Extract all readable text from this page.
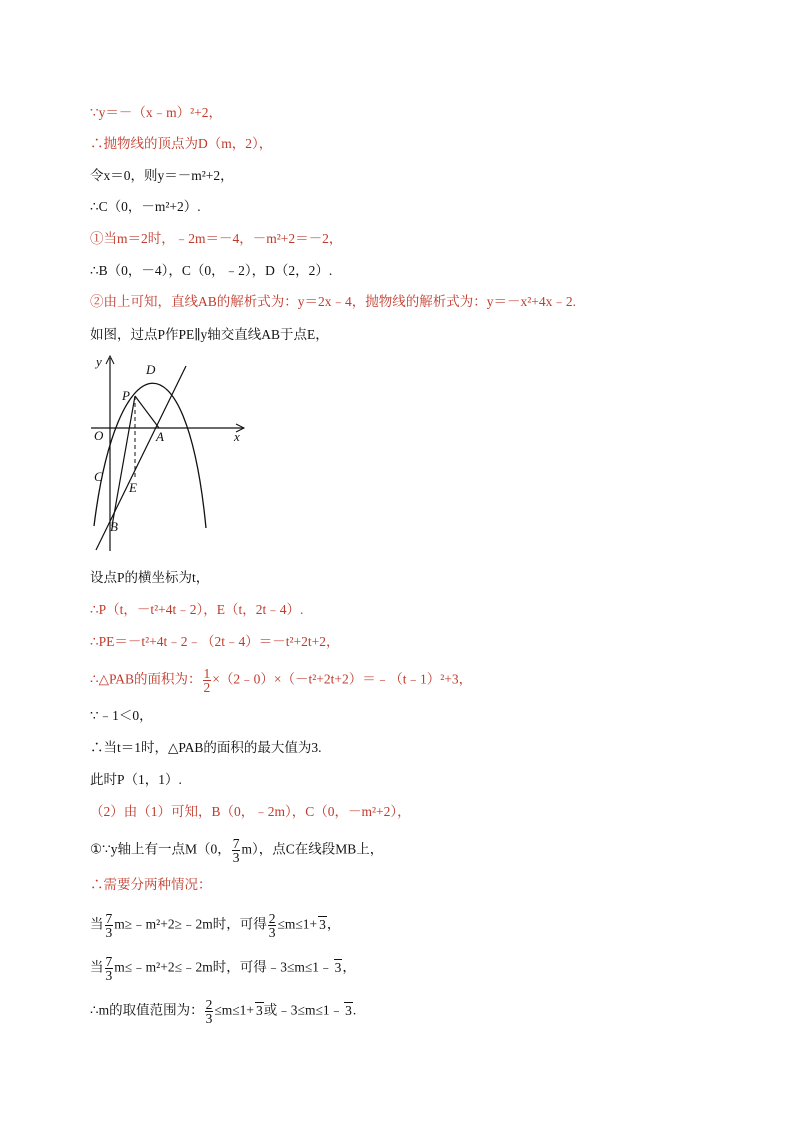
∵y＝－（x﹣m）²+2，
∴抛物线的顶点为D（m，2），
令x＝0，则y＝－m²+2，
∴C（0，－m²+2）.
①当m＝2时，﹣2m＝－4，－m²+2＝－2，
∴B（0，－4），C（0，﹣2），D（2，2）.
②由上可知，直线AB的解析式为：y＝2x﹣4，抛物线的解析式为：y＝－x²+4x﹣2.
如图，过点P作PE∥y轴交直线AB于点E，
y
x
O
D
P
A
C
E
B
设点P的横坐标为t，
∴P（t，－t²+4t﹣2），E（t，2t﹣4）.
∴PE＝－t²+4t﹣2﹣（2t﹣4）＝－t²+2t+2，
∴△PAB的面积为： $\frac{1}{2}$ ×（2﹣0）×（－t²+2t+2）＝﹣（t﹣1）²+3，
∵﹣1＜0，
∴当t＝1时，△PAB的面积的最大值为3.
此时P（1，1）.
（2）由（1）可知，B（0，﹣2m），C（0，－m²+2），
①∵y轴上有一点M（0， $\frac{7}{3} m$），点C在线段MB上，
∴需要分两种情况：
当 $\frac{7}{3}$ m≥﹣m²+2≥﹣2m时，可得 $\frac{2}{3} \le m\le 1+ 3$，
当 $\frac{7}{3}$ m≤﹣m²+2≤﹣2m时，可得﹣3≤m≤1﹣ 3，
∴m的取值范围为： $\frac{2}{3} \le m\le 1+ 3$或﹣3≤m≤1﹣ 3.
